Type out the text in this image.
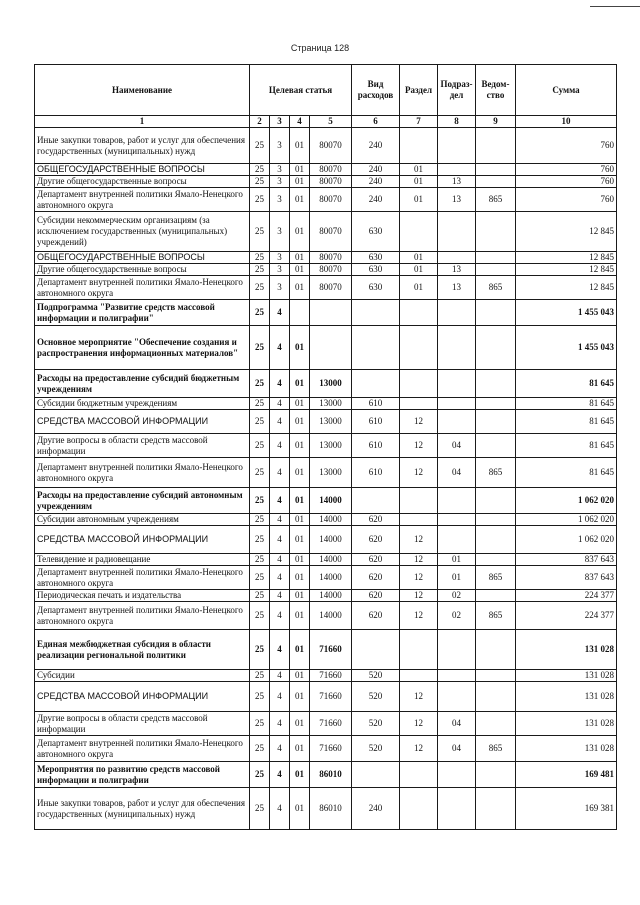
Страница 128
Наименование	Целевая статья				Вид расходов	Раздел	Подраз-дел	Ведом-ство	Сумма
1	2	3	4	5	6	7	8	9	10
Иные закупки товаров, работ и услуг для обеспечения государственных (муниципальных) нужд	25	3	01	80070	240				760
ОБЩЕГОСУДАРСТВЕННЫЕ ВОПРОСЫ	25	3	01	80070	240	01			760
Другие общегосударственные вопросы	25	3	01	80070	240	01	13		760
Департамент внутренней политики Ямало-Ненецкого автономного округа	25	3	01	80070	240	01	13	865	760
Субсидии некоммерческим организациям (за исключением государственных (муниципальных) учреждений)	25	3	01	80070	630				12 845
ОБЩЕГОСУДАРСТВЕННЫЕ ВОПРОСЫ	25	3	01	80070	630	01			12 845
Другие общегосударственные вопросы	25	3	01	80070	630	01	13		12 845
Департамент внутренней политики Ямало-Ненецкого автономного округа	25	3	01	80070	630	01	13	865	12 845
Подпрограмма "Развитие средств массовой информации и полиграфии"	25	4							1 455 043
Основное мероприятие "Обеспечение создания и распространения информационных материалов"	25	4	01						1 455 043
Расходы на предоставление субсидий бюджетным учреждениям	25	4	01	13000					81 645
Субсидии бюджетным учреждениям	25	4	01	13000	610				81 645
СРЕДСТВА МАССОВОЙ ИНФОРМАЦИИ	25	4	01	13000	610	12			81 645
Другие вопросы в области средств массовой информации	25	4	01	13000	610	12	04		81 645
Департамент внутренней политики Ямало-Ненецкого автономного округа	25	4	01	13000	610	12	04	865	81 645
Расходы на предоставление субсидий автономным учреждениям	25	4	01	14000					1 062 020
Субсидии автономным учреждениям	25	4	01	14000	620				1 062 020
СРЕДСТВА МАССОВОЙ ИНФОРМАЦИИ	25	4	01	14000	620	12			1 062 020
Телевидение и радиовещание	25	4	01	14000	620	12	01		837 643
Департамент внутренней политики Ямало-Ненецкого автономного округа	25	4	01	14000	620	12	01	865	837 643
Периодическая печать и издательства	25	4	01	14000	620	12	02		224 377
Департамент внутренней политики Ямало-Ненецкого автономного округа	25	4	01	14000	620	12	02	865	224 377
Единая межбюджетная субсидия в области реализации региональной политики	25	4	01	71660					131 028
Субсидии	25	4	01	71660	520				131 028
СРЕДСТВА МАССОВОЙ ИНФОРМАЦИИ	25	4	01	71660	520	12			131 028
Другие вопросы в области средств массовой информации	25	4	01	71660	520	12	04		131 028
Департамент внутренней политики Ямало-Ненецкого автономного округа	25	4	01	71660	520	12	04	865	131 028
Мероприятия по развитию средств массовой информации и полиграфии	25	4	01	86010					169 481
Иные закупки товаров, работ и услуг для обеспечения государственных (муниципальных) нужд	25	4	01	86010	240				169 381
